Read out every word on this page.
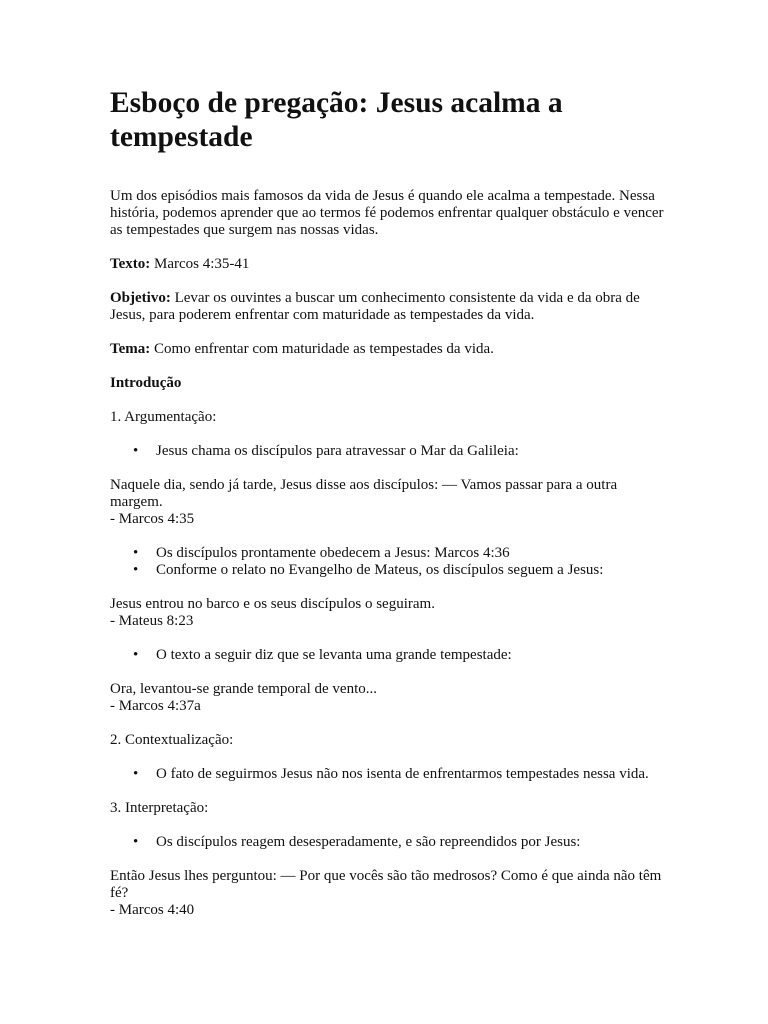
Esboço de pregação: Jesus acalma a tempestade

Um dos episódios mais famosos da vida de Jesus é quando ele acalma a tempestade. Nessa história, podemos aprender que ao termos fé podemos enfrentar qualquer obstáculo e vencer as tempestades que surgem nas nossas vidas.

Texto: Marcos 4:35-41

Objetivo: Levar os ouvintes a buscar um conhecimento consistente da vida e da obra de Jesus, para poderem enfrentar com maturidade as tempestades da vida.

Tema: Como enfrentar com maturidade as tempestades da vida.

Introdução

1. Argumentação:

• Jesus chama os discípulos para atravessar o Mar da Galileia:

Naquele dia, sendo já tarde, Jesus disse aos discípulos: — Vamos passar para a outra margem.
- Marcos 4:35

• Os discípulos prontamente obedecem a Jesus: Marcos 4:36
• Conforme o relato no Evangelho de Mateus, os discípulos seguem a Jesus:

Jesus entrou no barco e os seus discípulos o seguiram.
- Mateus 8:23

• O texto a seguir diz que se levanta uma grande tempestade:

Ora, levantou-se grande temporal de vento...
- Marcos 4:37a

2. Contextualização:

• O fato de seguirmos Jesus não nos isenta de enfrentarmos tempestades nessa vida.

3. Interpretação:

• Os discípulos reagem desesperadamente, e são repreendidos por Jesus:

Então Jesus lhes perguntou: — Por que vocês são tão medrosos? Como é que ainda não têm fé?
- Marcos 4:40
